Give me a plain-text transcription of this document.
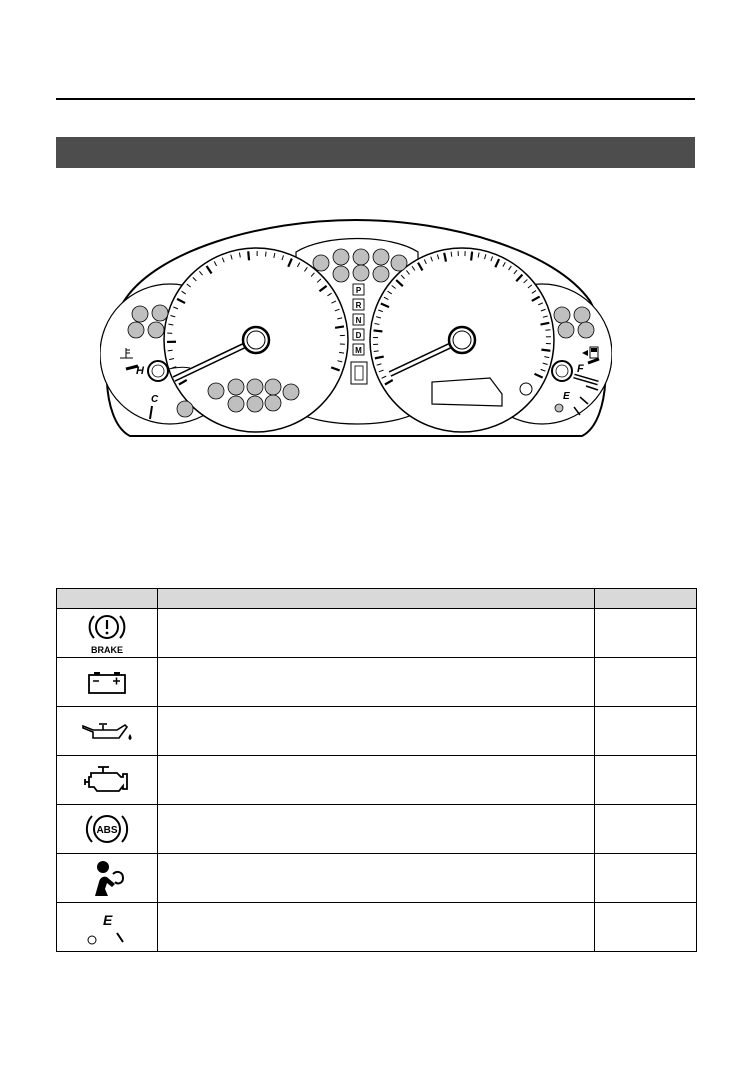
P
R
N
D
M
H
C
F
E

BRAKE		

ABS		

E		
